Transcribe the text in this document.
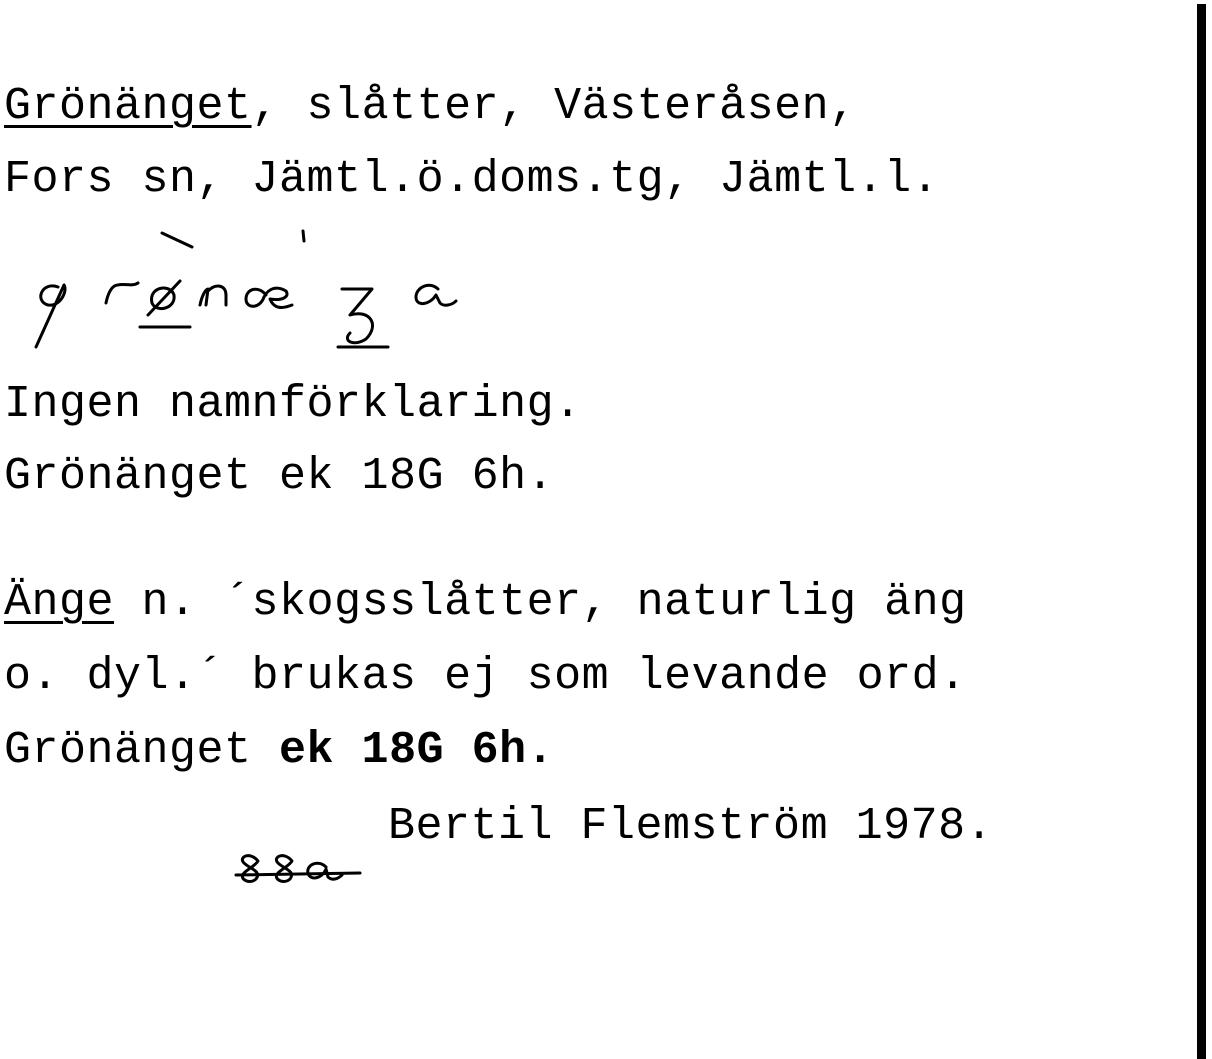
Grönänget, slåtter, Västeråsen,
Fors sn, Jämtl.ö.doms.tg, Jämtl.l.
Ingen namnförklaring.
Grönänget ek 18G 6h.
Änge n. ´skogsslåtter, naturlig äng
o. dyl.´ brukas ej som levande ord.
Grönänget ek 18G 6h.
Bertil Flemström 1978.
